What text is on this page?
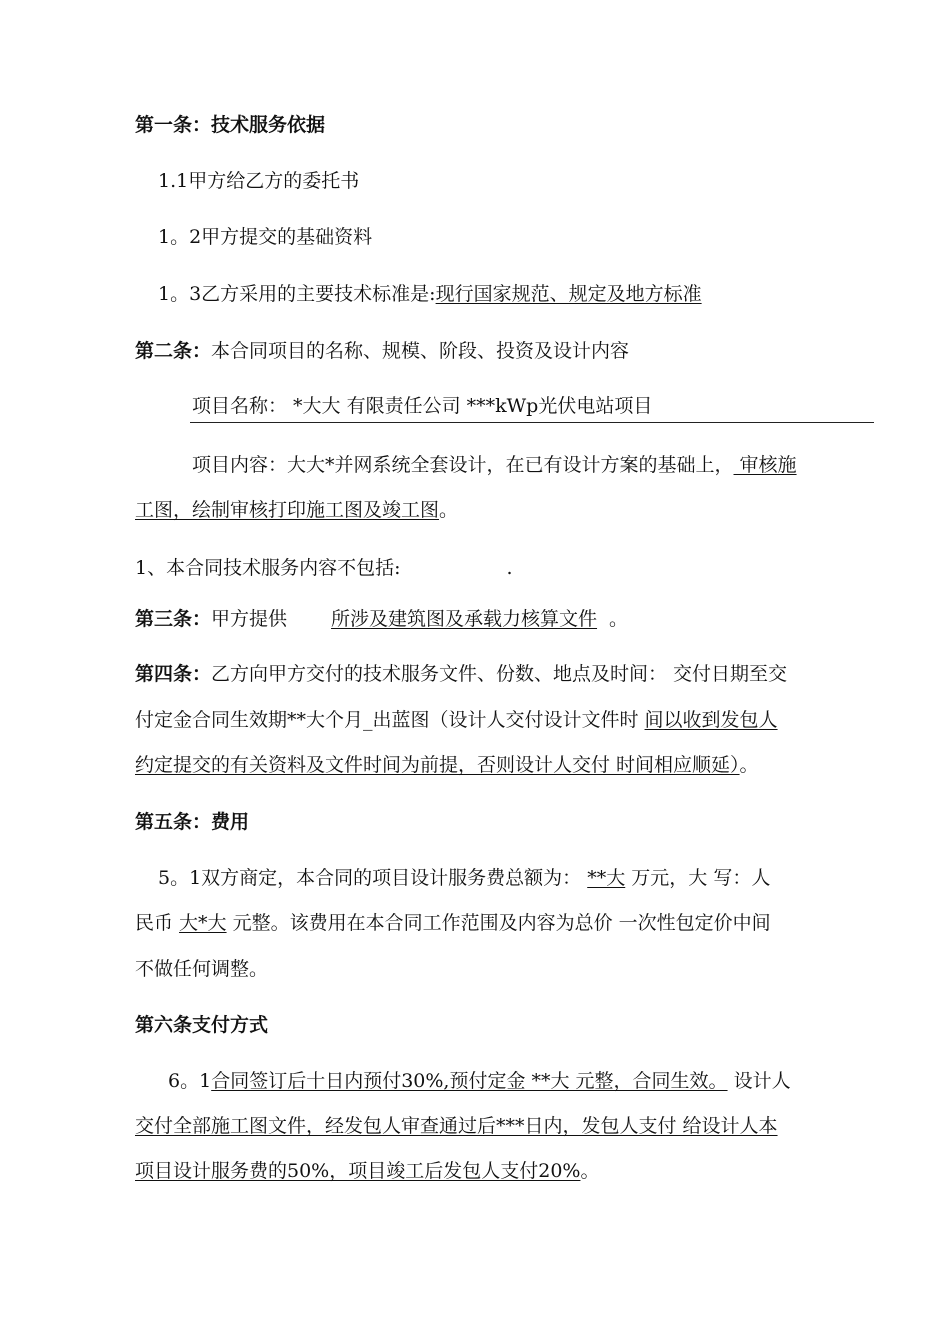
第一条：技术服务依据
1.1甲方给乙方的委托书
1。2甲方提交的基础资料
1。3乙方采用的主要技术标准是:现行国家规范、规定及地方标准
第二条：本合同项目的名称、规模、阶段、投资及设计内容
项目名称： *大大 有限责任公司 ***kWp光伏电站项目
项目内容：大大*并网系统全套设计，在已有设计方案的基础上， 审核施
工图，绘制审核打印施工图及竣工图。
1、本合同技术服务内容不包括:	.
第三条：甲方提供 所涉及建筑图及承载力核算文件 。
第四条：乙方向甲方交付的技术服务文件、份数、地点及时间： 交付日期至交
付定金合同生效期**大个月_出蓝图（设计人交付设计文件时 间以收到发包人
约定提交的有关资料及文件时间为前提，否则设计人交付 时间相应顺延）。
第五条：费用
5。1双方商定，本合同的项目设计服务费总额为： **大 万元，大 写：人
民币 大*大 元整。该费用在本合同工作范围及内容为总价 一次性包定价中间
不做任何调整。
第六条支付方式
6。1合同签订后十日内预付30%,预付定金 **大 元整，合同生效。 设计人
交付全部施工图文件，经发包人审查通过后***日内，发包人支付 给设计人本
项目设计服务费的50%，项目竣工后发包人支付20%。
